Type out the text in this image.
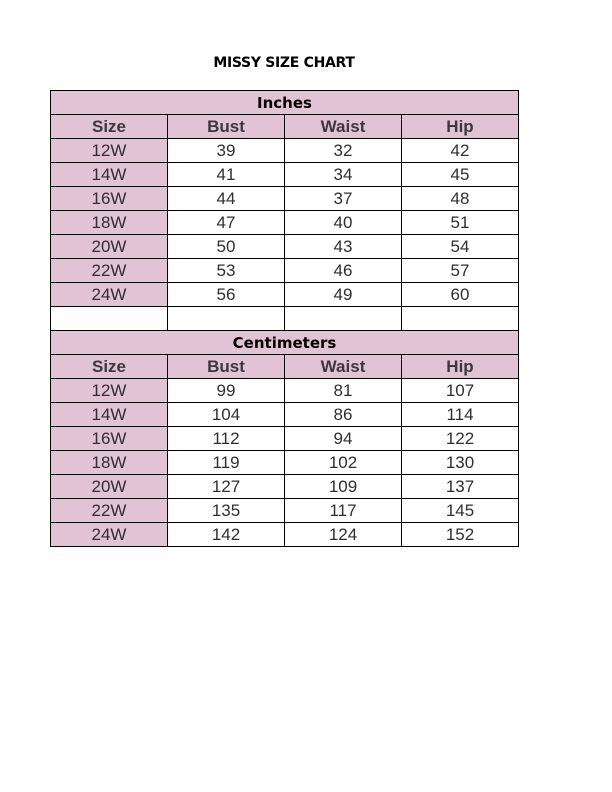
MISSY SIZE CHART
Inches			
Size	Bust	Waist	Hip
12W	39	32	42
14W	41	34	45
16W	44	37	48
18W	47	40	51
20W	50	43	54
22W	53	46	57
24W	56	49	60

Centimeters			
Size	Bust	Waist	Hip
12W	99	81	107
14W	104	86	114
16W	112	94	122
18W	119	102	130
20W	127	109	137
22W	135	117	145
24W	142	124	152
